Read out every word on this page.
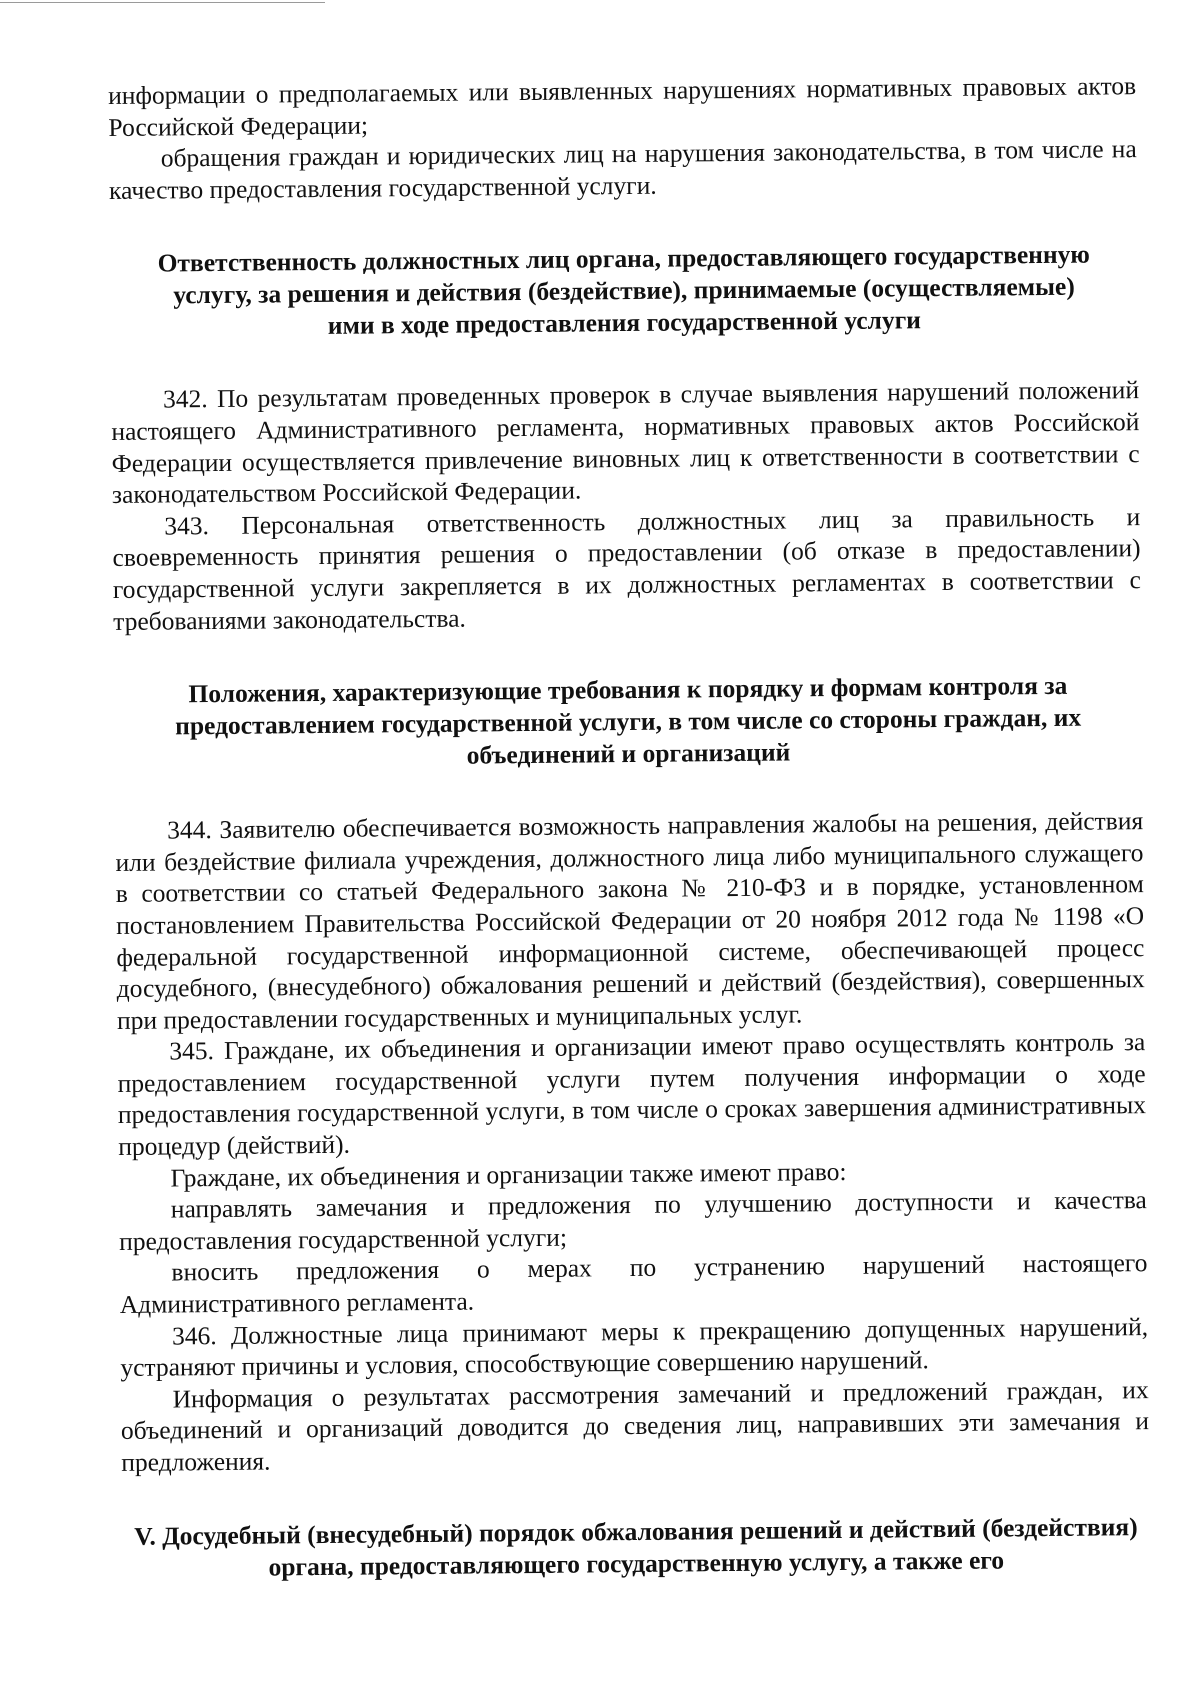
информации о предполагаемых или выявленных нарушениях нормативных правовых актов Российской Федерации;

обращения граждан и юридических лиц на нарушения законодательства, в том числе на качество предоставления государственной услуги.

Ответственность должностных лиц органа, предоставляющего государственную услугу, за решения и действия (бездействие), принимаемые (осуществляемые) ими в ходе предоставления государственной услуги

342. По результатам проведенных проверок в случае выявления нарушений положений настоящего Административного регламента, нормативных правовых актов Российской Федерации осуществляется привлечение виновных лиц к ответственности в соответствии с законодательством Российской Федерации.

343. Персональная ответственность должностных лиц за правильность и своевременность принятия решения о предоставлении (об отказе в предоставлении) государственной услуги закрепляется в их должностных регламентах в соответствии с требованиями законодательства.

Положения, характеризующие требования к порядку и формам контроля за предоставлением государственной услуги, в том числе со стороны граждан, их объединений и организаций

344. Заявителю обеспечивается возможность направления жалобы на решения, действия или бездействие филиала учреждения, должностного лица либо муниципального служащего в соответствии со статьей Федерального закона № 210-ФЗ и в порядке, установленном постановлением Правительства Российской Федерации от 20 ноября 2012 года № 1198 «О федеральной государственной информационной системе, обеспечивающей процесс досудебного, (внесудебного) обжалования решений и действий (бездействия), совершенных при предоставлении государственных и муниципальных услуг.

345. Граждане, их объединения и организации имеют право осуществлять контроль за предоставлением государственной услуги путем получения информации о ходе предоставления государственной услуги, в том числе о сроках завершения административных процедур (действий).

Граждане, их объединения и организации также имеют право:

направлять замечания и предложения по улучшению доступности и качества предоставления государственной услуги;

вносить предложения о мерах по устранению нарушений настоящего Административного регламента.

346. Должностные лица принимают меры к прекращению допущенных нарушений, устраняют причины и условия, способствующие совершению нарушений.

Информация о результатах рассмотрения замечаний и предложений граждан, их объединений и организаций доводится до сведения лиц, направивших эти замечания и предложения.

V. Досудебный (внесудебный) порядок обжалования решений и действий (бездействия) органа, предоставляющего государственную услугу, а также его
